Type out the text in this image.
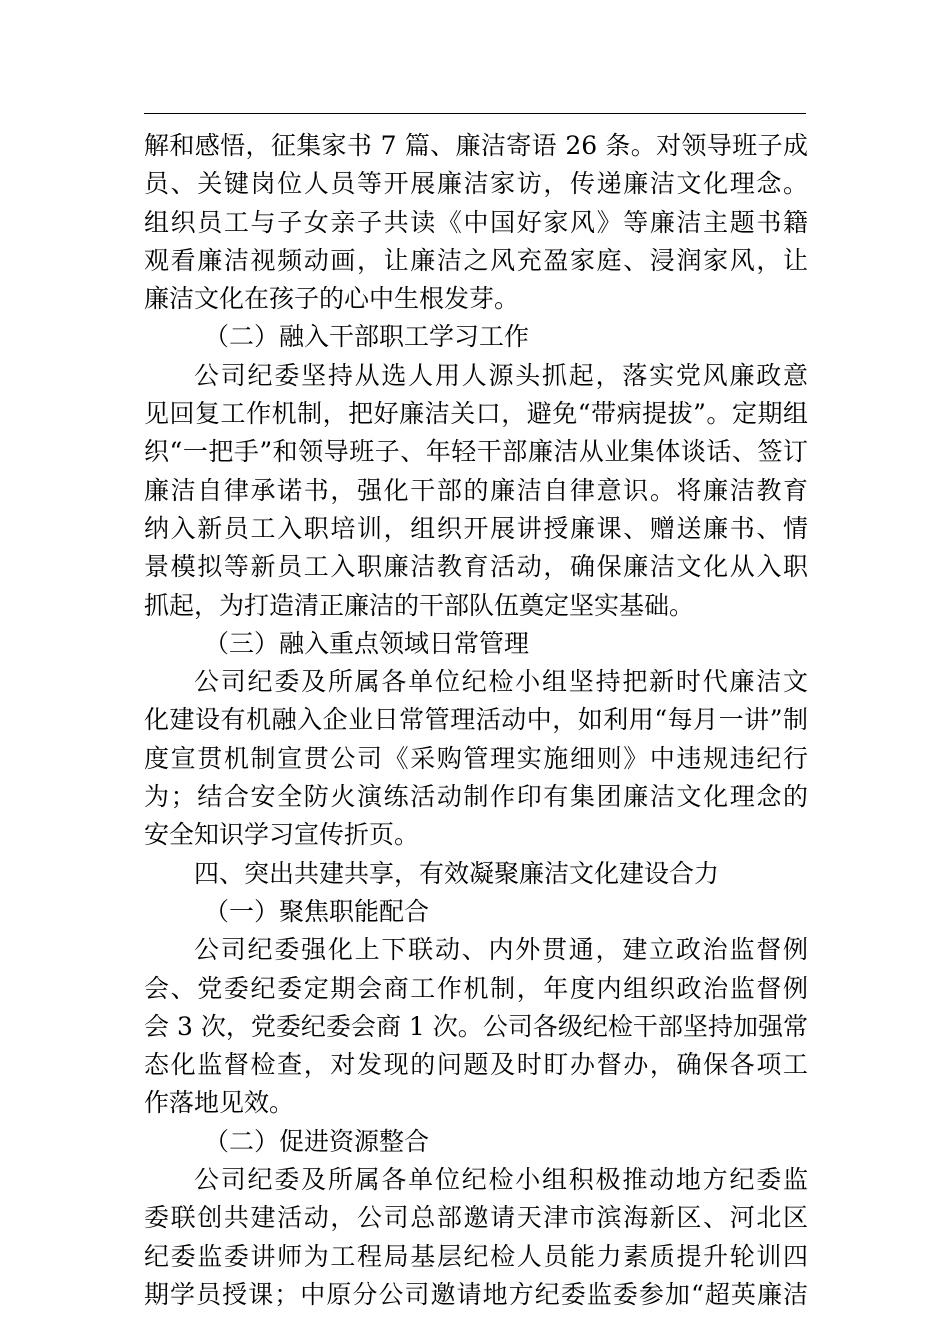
解和感悟，征集家书 7 篇、廉洁寄语 26 条。对领导班子成
员、关键岗位人员等开展廉洁家访，传递廉洁文化理念。
组织员工与子女亲子共读《中国好家风》等廉洁主题书籍
观看廉洁视频动画，让廉洁之风充盈家庭、浸润家风，让
廉洁文化在孩子的心中生根发芽。
（二）融入干部职工学习工作
公司纪委坚持从选人用人源头抓起，落实党风廉政意
见回复工作机制，把好廉洁关口，避免“带病提拔”。定期组
织“一把手”和领导班子、年轻干部廉洁从业集体谈话、签订
廉洁自律承诺书，强化干部的廉洁自律意识。将廉洁教育
纳入新员工入职培训，组织开展讲授廉课、赠送廉书、情
景模拟等新员工入职廉洁教育活动，确保廉洁文化从入职
抓起，为打造清正廉洁的干部队伍奠定坚实基础。
（三）融入重点领域日常管理
公司纪委及所属各单位纪检小组坚持把新时代廉洁文
化建设有机融入企业日常管理活动中，如利用“每月一讲”制
度宣贯机制宣贯公司《采购管理实施细则》中违规违纪行
为；结合安全防火演练活动制作印有集团廉洁文化理念的
安全知识学习宣传折页。
四、突出共建共享，有效凝聚廉洁文化建设合力
（一）聚焦职能配合
公司纪委强化上下联动、内外贯通，建立政治监督例
会、党委纪委定期会商工作机制，年度内组织政治监督例
会 3 次，党委纪委会商 1 次。公司各级纪检干部坚持加强常
态化监督检查，对发现的问题及时盯办督办，确保各项工
作落地见效。
（二）促进资源整合
公司纪委及所属各单位纪检小组积极推动地方纪委监
委联创共建活动，公司总部邀请天津市滨海新区、河北区
纪委监委讲师为工程局基层纪检人员能力素质提升轮训四
期学员授课；中原分公司邀请地方纪委监委参加“超英廉洁
